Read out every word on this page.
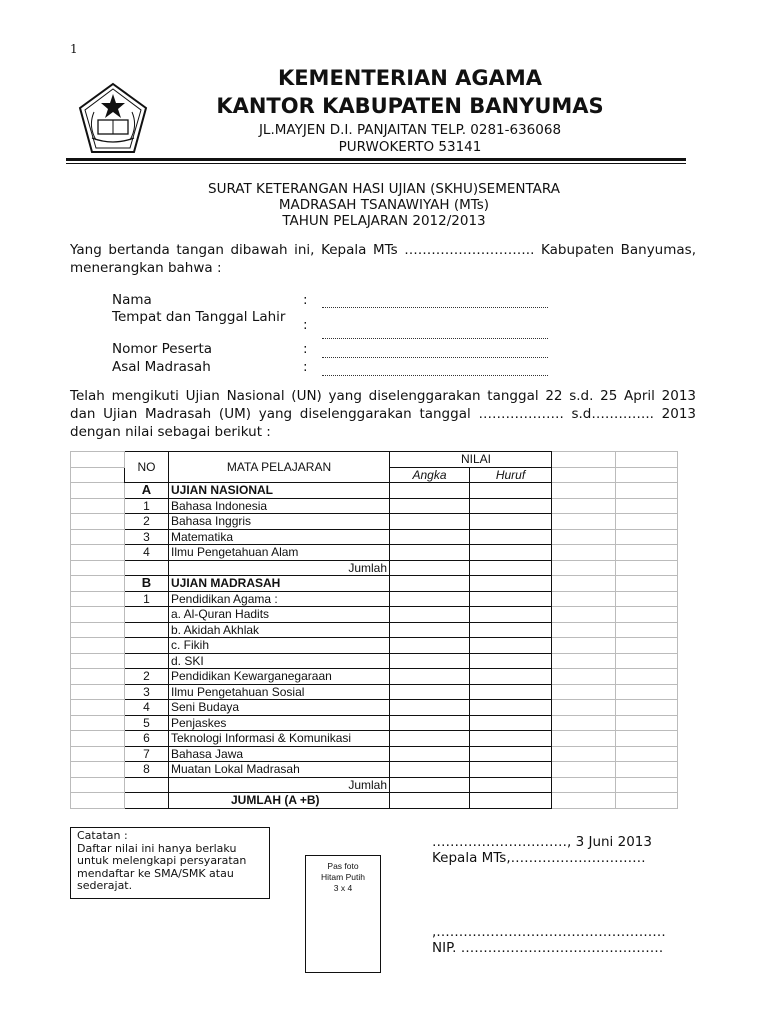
1
KEMENTERIAN AGAMA
KANTOR KABUPATEN BANYUMAS
JL.MAYJEN D.I. PANJAITAN TELP. 0281-636068
PURWOKERTO 53141
SURAT KETERANGAN HASI UJIAN (SKHU)SEMENTARA
MADRASAH TSANAWIYAH (MTs)
TAHUN PELAJARAN 2012/2013
Yang bertanda tangan dibawah ini, Kepala MTs ……………………….. Kabupaten Banyumas, menerangkan bahwa :
Nama	:
Tempat dan Tanggal Lahir	:
Nomor Peserta	:
Asal Madrasah	:
Telah mengikuti Ujian Nasional (UN) yang diselenggarakan tanggal 22 s.d. 25 April 2013 dan Ujian Madrasah (UM) yang diselenggarakan tanggal ………………. s.d………….. 2013 dengan nilai sebagai berikut :
	NO	MATA PELAJARAN	NILAI			
			Angka	Huruf		
	A	UJIAN NASIONAL				
	1	Bahasa Indonesia				
	2	Bahasa Inggris				
	3	Matematika				
	4	Ilmu Pengetahuan Alam				
		Jumlah				
	B	UJIAN MADRASAH				
	1	Pendidikan Agama :				
		a. Al-Quran Hadits				
		b. Akidah Akhlak				
		c. Fikih				
		d. SKI				
	2	Pendidikan Kewarganegaraan				
	3	Ilmu Pengetahuan Sosial				
	4	Seni Budaya				
	5	Penjaskes				
	6	Teknologi Informasi & Komunikasi				
	7	Bahasa Jawa				
	8	Muatan Lokal Madrasah				
		Jumlah				
		JUMLAH (A +B)				
Catatan :
Daftar nilai ini hanya berlaku untuk melengkapi persyaratan mendaftar ke SMA/SMK atau sederajat.
Pas foto
Hitam Putih
3 x 4
…………………………, 3 Juni 2013
Kepala MTs,…………………………
,……………………………………………
NIP. ………………………………………
